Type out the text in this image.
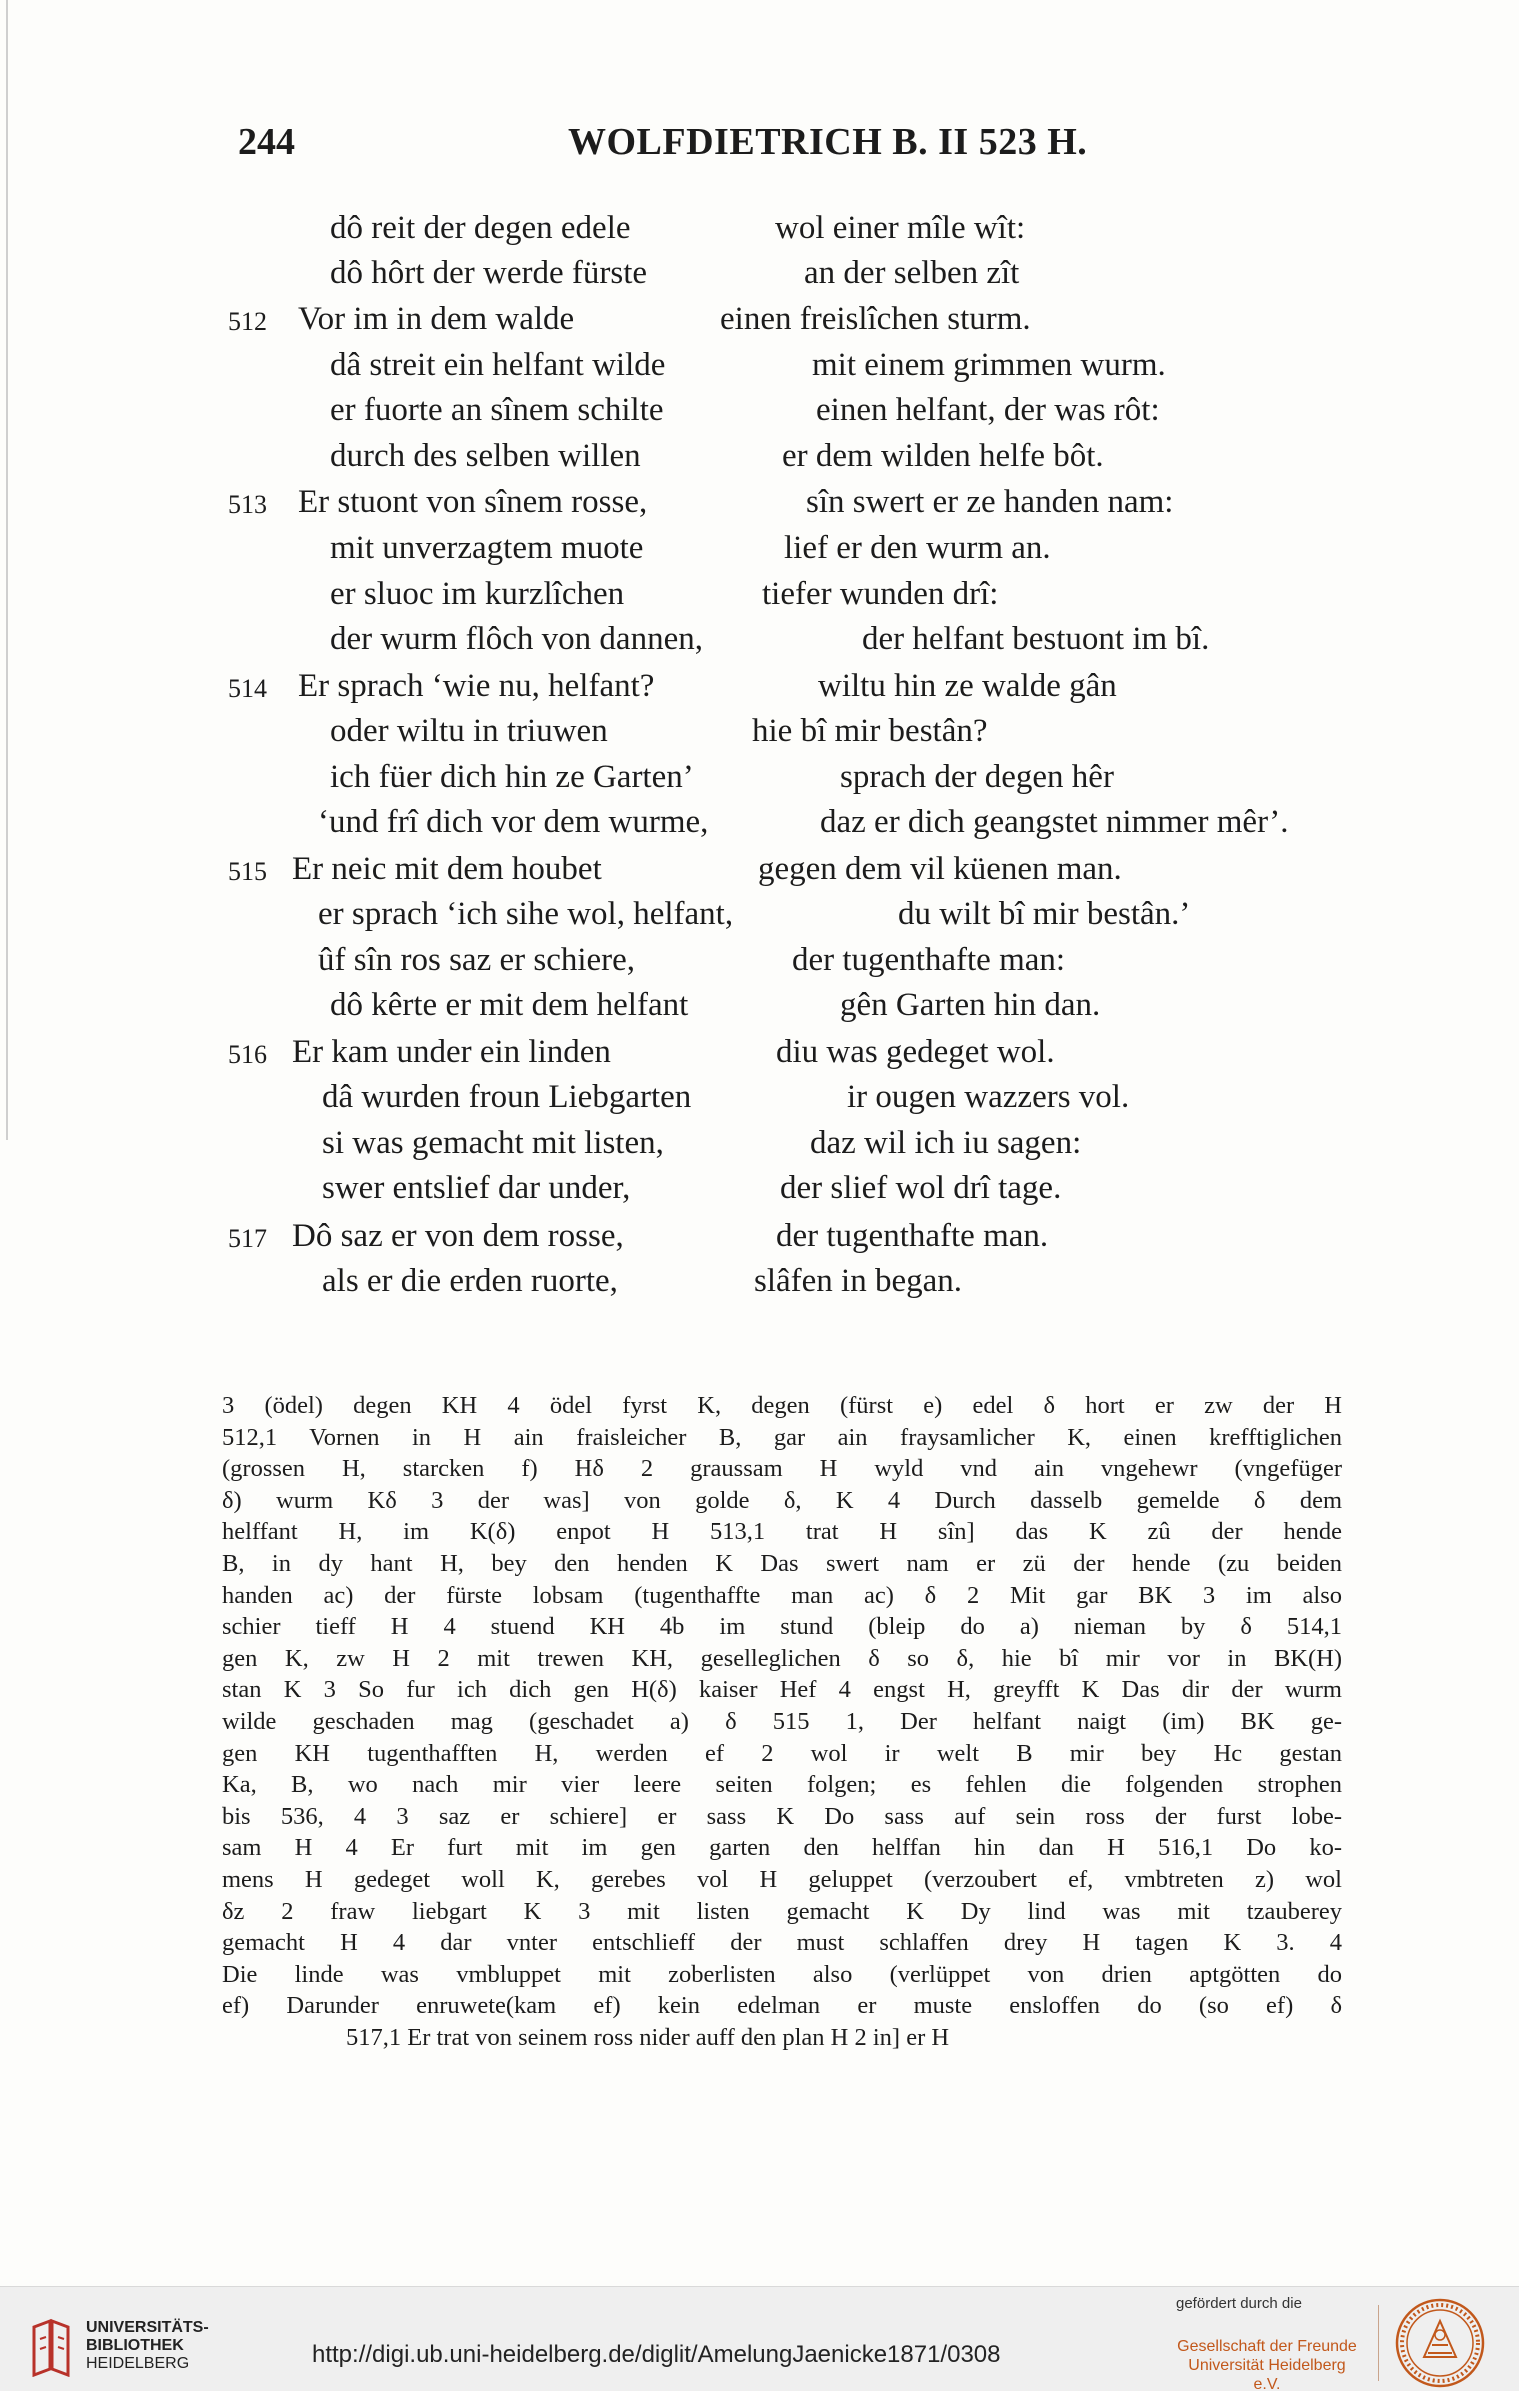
244	WOLFDIETRICH B. II 523 H.
dô reit der degen edele	wol einer mîle wît:
dô hôrt der werde fürste	an der selben zît
512 Vor im in dem walde	einen freislîchen sturm.
dâ streit ein helfant wilde	mit einem grimmen wurm.
er fuorte an sînem schilte	einen helfant, der was rôt:
durch des selben willen	er dem wilden helfe bôt.
513 Er stuont von sînem rosse,	sîn swert er ze handen nam:
mit unverzagtem muote	lief er den wurm an.
er sluoc im kurzlîchen	tiefer wunden drî:
der wurm flôch von dannen,	der helfant bestuont im bî.
514 Er sprach ‘wie nu, helfant?	wiltu hin ze walde gân
oder wiltu in triuwen	hie bî mir bestân?
ich füer dich hin ze Garten’	sprach der degen hêr
‘und frî dich vor dem wurme,	daz er dich geangstet nimmer mêr’.
515 Er neic mit dem houbet	gegen dem vil küenen man.
er sprach ‘ich sihe wol, helfant,	du wilt bî mir bestân.’
ûf sîn ros saz er schiere,	der tugenthafte man:
dô kêrte er mit dem helfant	gên Garten hin dan.
516 Er kam under ein linden	diu was gedeget wol.
dâ wurden froun Liebgarten	ir ougen wazzers vol.
si was gemacht mit listen,	daz wil ich iu sagen:
swer entslief dar under,	der slief wol drî tage.
517 Dô saz er von dem rosse,	der tugenthafte man.
als er die erden ruorte,	slâfen in began.
3 (ödel) degen KH 4 ödel fyrst K, degen (fürst e) edel δ hort er zw der H
512,1 Vornen in H ain fraisleicher B, gar ain fraysamlicher K, einen krefftiglichen
(grossen H, starcken f) Hδ 2 graussam H wyld vnd ain vngehewr (vngefüger
δ) wurm Kδ 3 der was] von golde δ, K 4 Durch dasselb gemelde δ dem
helffant H, im K(δ) enpot H 513,1 trat H sîn] das K zû der hende
B, in dy hant H, bey den henden K Das swert nam er zü der hende (zu beiden
handen ac) der fürste lobsam (tugenthaffte man ac) δ 2 Mit gar BK 3 im also
schier tieff H 4 stuend KH 4b im stund (bleip do a) nieman by δ 514,1
gen K, zw H 2 mit trewen KH, geselleglichen δ so δ, hie bî mir vor in BK(H)
stan K 3 So fur ich dich gen H(δ) kaiser Hef 4 engst H, greyfft K Das dir der wurm
wilde geschaden mag (geschadet a) δ 515 1, Der helfant naigt (im) BK ge-
gen KH tugenthafften H, werden ef 2 wol ir welt B mir bey Hc gestan
Ka, B, wo nach mir vier leere seiten folgen; es fehlen die folgenden strophen
bis 536, 4 3 saz er schiere] er sass K Do sass auf sein ross der furst lobe-
sam H 4 Er furt mit im gen garten den helffan hin dan H 516,1 Do ko-
mens H gedeget woll K, gerebes vol H geluppet (verzoubert ef, vmbtreten z) wol
δz 2 fraw liebgart K 3 mit listen gemacht K Dy lind was mit tzauberey
gemacht H 4 dar vnter entschlieff der must schlaffen drey H tagen K 3. 4
Die linde was vmbluppet mit zoberlisten also (verlüppet von drien aptgötten do
ef) Darunder enruwete(kam ef) kein edelman er muste ensloffen do (so ef) δ
517,1 Er trat von seinem ross nider auff den plan H 2 in] er H
UNIVERSITÄTS-
BIBLIOTHEK
HEIDELBERG	http://digi.ub.uni-heidelberg.de/diglit/AmelungJaenicke1871/0308
gefördert durch die
Gesellschaft der Freunde
Universität Heidelberg e.V.
